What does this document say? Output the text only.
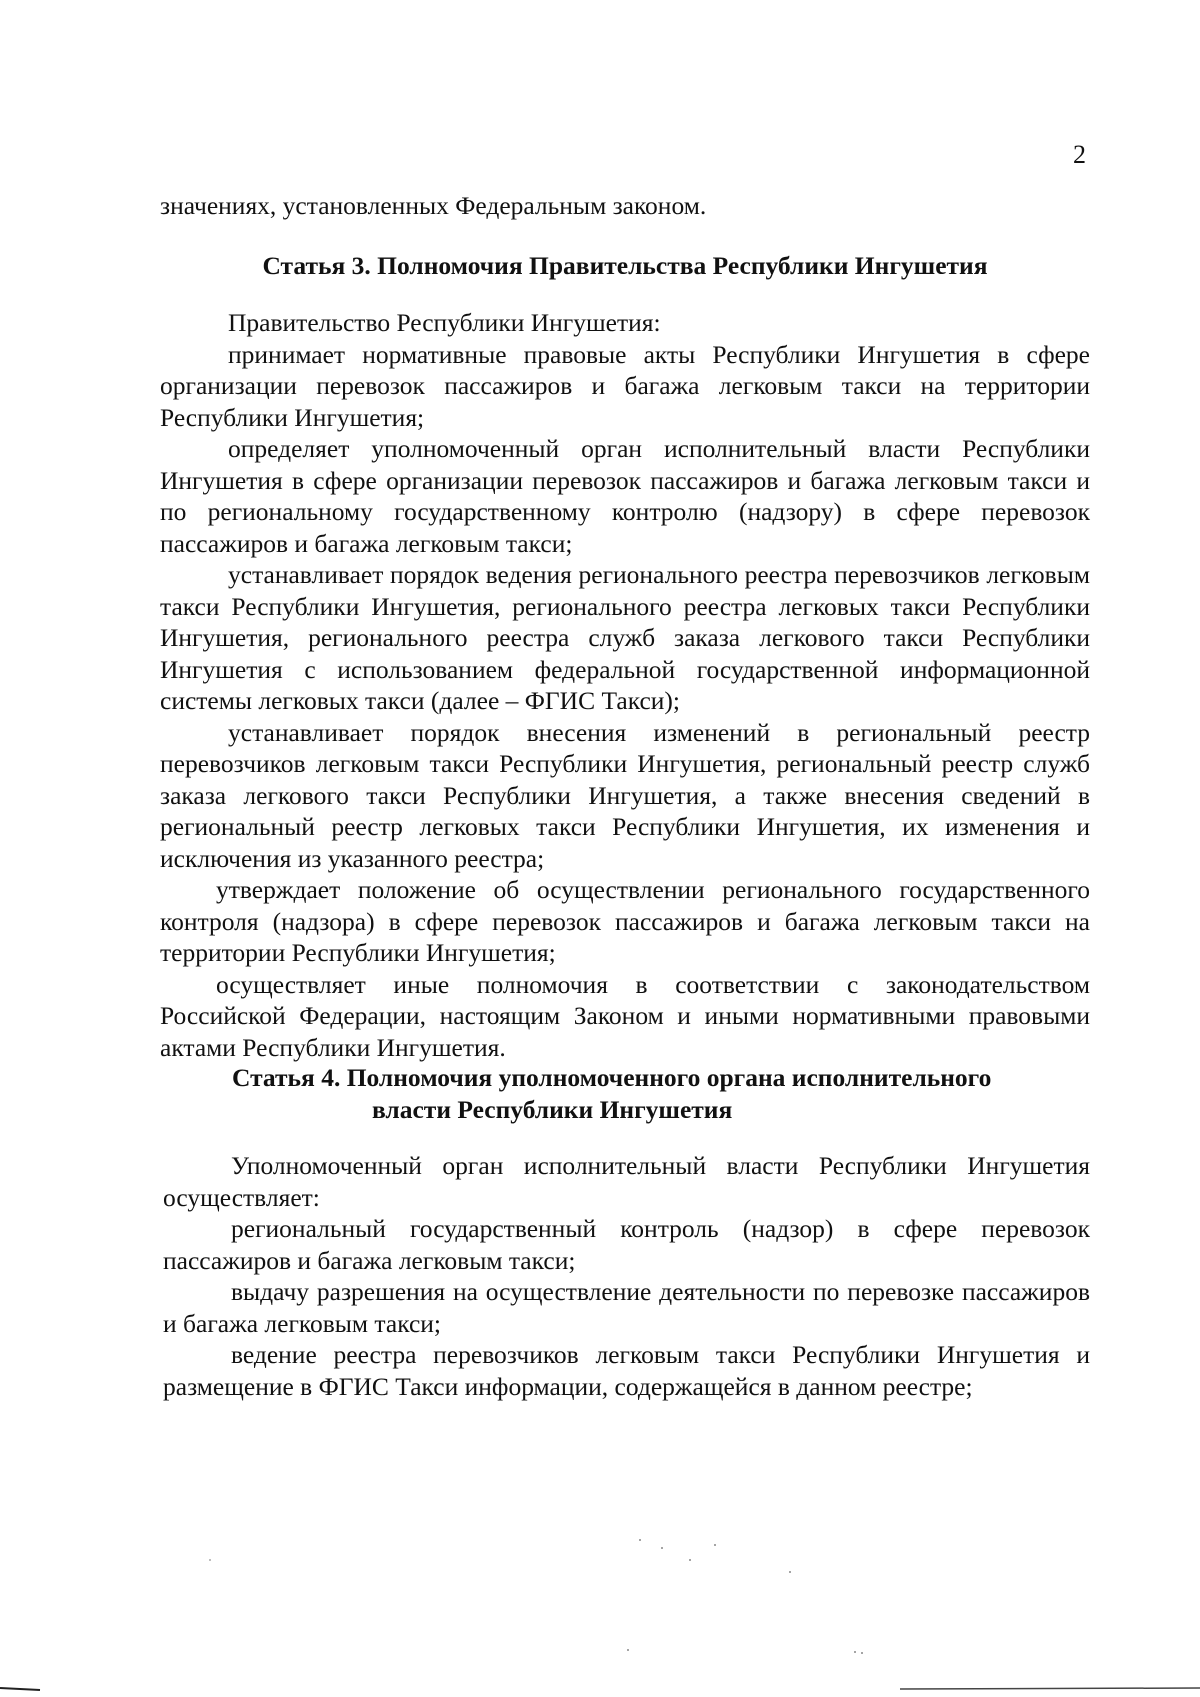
2

значениях, установленных Федеральным законом.

Статья 3. Полномочия Правительства Республики Ингушетия

Правительство Республики Ингушетия:

принимает нормативные правовые акты Республики Ингушетия в сфере организации перевозок пассажиров и багажа легковым такси на территории Республики Ингушетия;

определяет уполномоченный орган исполнительный власти Республики Ингушетия в сфере организации перевозок пассажиров и багажа легковым такси и по региональному государственному контролю (надзору) в сфере перевозок пассажиров и багажа легковым такси;

устанавливает порядок ведения регионального реестра перевозчиков легковым такси Республики Ингушетия, регионального реестра легковых такси Республики Ингушетия, регионального реестра служб заказа легкового такси Республики Ингушетия с использованием федеральной государственной информационной системы легковых такси (далее – ФГИС Такси);

устанавливает порядок внесения изменений в региональный реестр перевозчиков легковым такси Республики Ингушетия, региональный реестр служб заказа легкового такси Республики Ингушетия, а также внесения сведений в региональный реестр легковых такси Республики Ингушетия, их изменения и исключения из указанного реестра;

утверждает положение об осуществлении регионального государственного контроля (надзора) в сфере перевозок пассажиров и багажа легковым такси на территории Республики Ингушетия;

осуществляет иные полномочия в соответствии с законодательством Российской Федерации, настоящим Законом и иными нормативными правовыми актами Республики Ингушетия.

Статья 4. Полномочия уполномоченного органа исполнительного
власти Республики Ингушетия

Уполномоченный орган исполнительный власти Республики Ингушетия осуществляет:

региональный государственный контроль (надзор) в сфере перевозок пассажиров и багажа легковым такси;

выдачу разрешения на осуществление деятельности по перевозке пассажиров и багажа легковым такси;

ведение реестра перевозчиков легковым такси Республики Ингушетия и размещение в ФГИС Такси информации, содержащейся в данном реестре;
